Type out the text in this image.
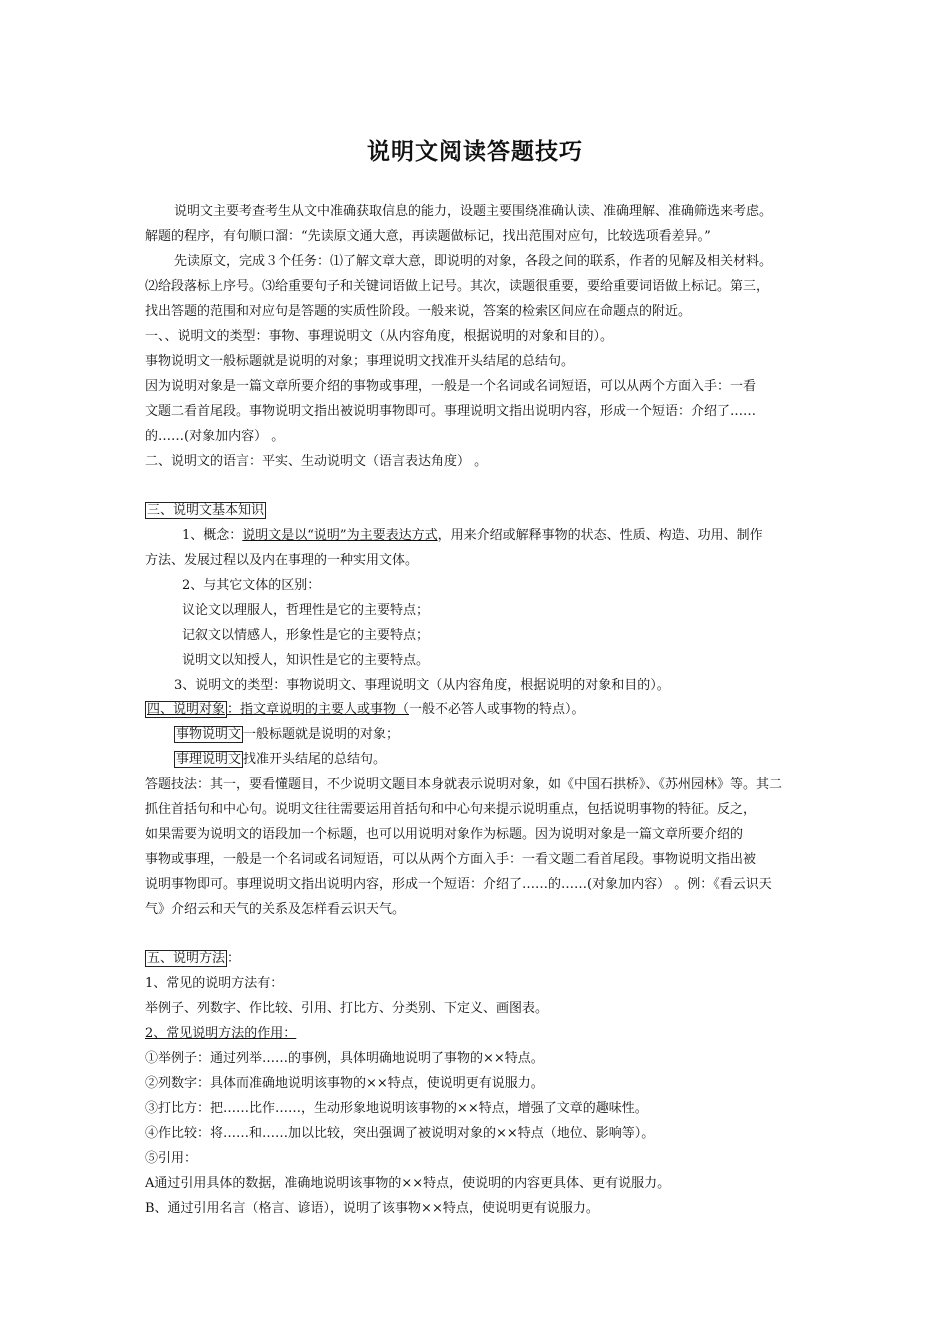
说明文阅读答题技巧
说明文主要考查考生从文中准确获取信息的能力，设题主要围绕准确认读、准确理解、准确筛选来考虑。
解题的程序，有句顺口溜：“先读原文通大意，再读题做标记，找出范围对应句，比较选项看差异。”
先读原文，完成３个任务：⑴了解文章大意，即说明的对象，各段之间的联系，作者的见解及相关材料。
⑵给段落标上序号。⑶给重要句子和关键词语做上记号。其次，读题很重要，要给重要词语做上标记。第三，
找出答题的范围和对应句是答题的实质性阶段。一般来说，答案的检索区间应在命题点的附近。
一、、说明文的类型：事物、事理说明文（从内容角度，根据说明的对象和目的）。
事物说明文一般标题就是说明的对象；事理说明文找准开头结尾的总结句。
因为说明对象是一篇文章所要介绍的事物或事理，一般是一个名词或名词短语，可以从两个方面入手：一看
文题二看首尾段。事物说明文指出被说明事物即可。事理说明文指出说明内容，形成一个短语：介绍了……
的……(对象加内容） 。
二、说明文的语言：平实、生动说明文（语言表达角度） 。
三、说明文基本知识
1、概念：说明文是以“说明”为主要表达方式，用来介绍或解释事物的状态、性质、构造、功用、制作
方法、发展过程以及内在事理的一种实用文体。
2、与其它文体的区别：
议论文以理服人，哲理性是它的主要特点；
记叙文以情感人，形象性是它的主要特点；
说明文以知授人，知识性是它的主要特点。
3、说明文的类型：事物说明文、事理说明文（从内容角度，根据说明的对象和目的）。
四、说明对象 ：指文章说明的主要人或事物（一般不必答人或事物的特点）。
事物说明文 一般标题就是说明的对象；
事理说明文 找准开头结尾的总结句。
答题技法：其一，要看懂题目，不少说明文题目本身就表示说明对象，如《中国石拱桥》、《苏州园林》等。其二
抓住首括句和中心句。说明文往往需要运用首括句和中心句来提示说明重点，包括说明事物的特征。反之，
如果需要为说明文的语段加一个标题，也可以用说明对象作为标题。因为说明对象是一篇文章所要介绍的
事物或事理，一般是一个名词或名词短语，可以从两个方面入手：一看文题二看首尾段。事物说明文指出被
说明事物即可。事理说明文指出说明内容，形成一个短语：介绍了……的……(对象加内容） 。例：《看云识天
气》介绍云和天气的关系及怎样看云识天气。
五、说明方法 ：
1、常见的说明方法有：
举例子、列数字、作比较、引用、打比方、分类别、下定义、画图表。
2、常见说明方法的作用：
①举例子：通过列举……的事例，具体明确地说明了事物的××特点。
②列数字：具体而准确地说明该事物的××特点，使说明更有说服力。
③打比方：把……比作……，生动形象地说明该事物的××特点，增强了文章的趣味性。
④作比较：将……和……加以比较，突出强调了被说明对象的××特点（地位、影响等）。
⑤引用：
A通过引用具体的数据，准确地说明该事物的××特点，使说明的内容更具体、更有说服力。
B、通过引用名言（格言、谚语），说明了该事物××特点，使说明更有说服力。
